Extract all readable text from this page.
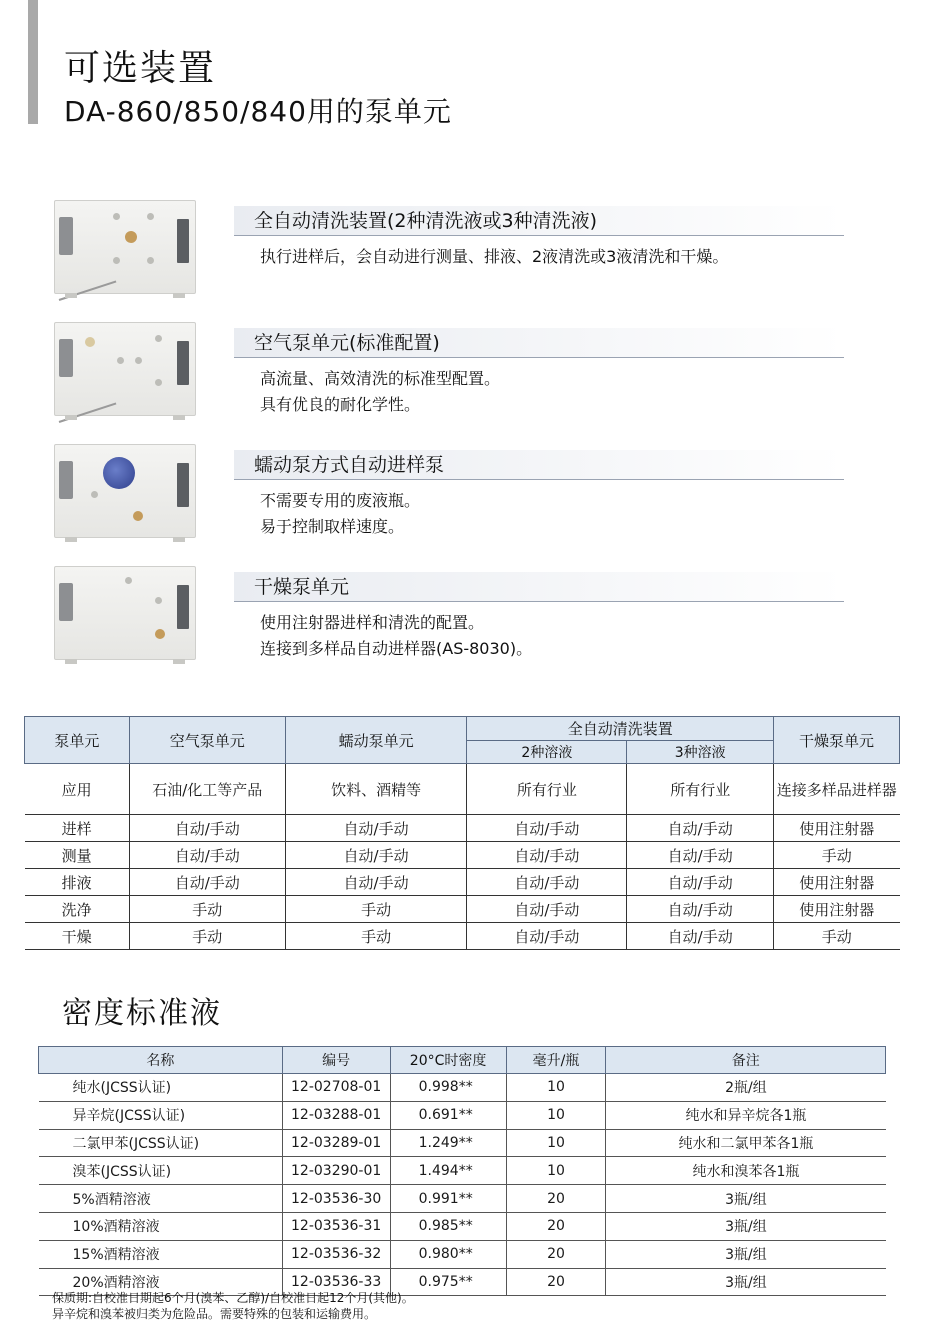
可选装置
DA-860/850/840用的泵单元
全自动清洗装置(2种清洗液或3种清洗液)
执行进样后，会自动进行测量、排液、2液清洗或3液清洗和干燥。
空气泵单元(标准配置)
高流量、高效清洗的标准型配置。
具有优良的耐化学性。
蠕动泵方式自动进样泵
不需要专用的废液瓶。
易于控制取样速度。
干燥泵单元
使用注射器进样和清洗的配置。
连接到多样品自动进样器(AS-8030)。
泵单元	空气泵单元	蠕动泵单元	全自动清洗装置		干燥泵单元
			2种溶液	3种溶液	
应用	石油/化工等产品	饮料、酒精等	所有行业	所有行业	连接多样品进样器
进样	自动/手动	自动/手动	自动/手动	自动/手动	使用注射器
测量	自动/手动	自动/手动	自动/手动	自动/手动	手动
排液	自动/手动	自动/手动	自动/手动	自动/手动	使用注射器
洗净	手动	手动	自动/手动	自动/手动	使用注射器
干燥	手动	手动	自动/手动	自动/手动	手动
密度标准液
名称	编号	20°C时密度	毫升/瓶	备注
纯水(JCSS认证)	12-02708-01	0.998**	10	2瓶/组
异辛烷(JCSS认证)	12-03288-01	0.691**	10	纯水和异辛烷各1瓶
二氯甲苯(JCSS认证)	12-03289-01	1.249**	10	纯水和二氯甲苯各1瓶
溴苯(JCSS认证)	12-03290-01	1.494**	10	纯水和溴苯各1瓶
5%酒精溶液	12-03536-30	0.991**	20	3瓶/组
10%酒精溶液	12-03536-31	0.985**	20	3瓶/组
15%酒精溶液	12-03536-32	0.980**	20	3瓶/组
20%酒精溶液	12-03536-33	0.975**	20	3瓶/组
保质期:自校准日期起6个月(溴苯、乙醇)/自校准日起12个月(其他)。
异辛烷和溴苯被归类为危险品。需要特殊的包装和运输费用。
